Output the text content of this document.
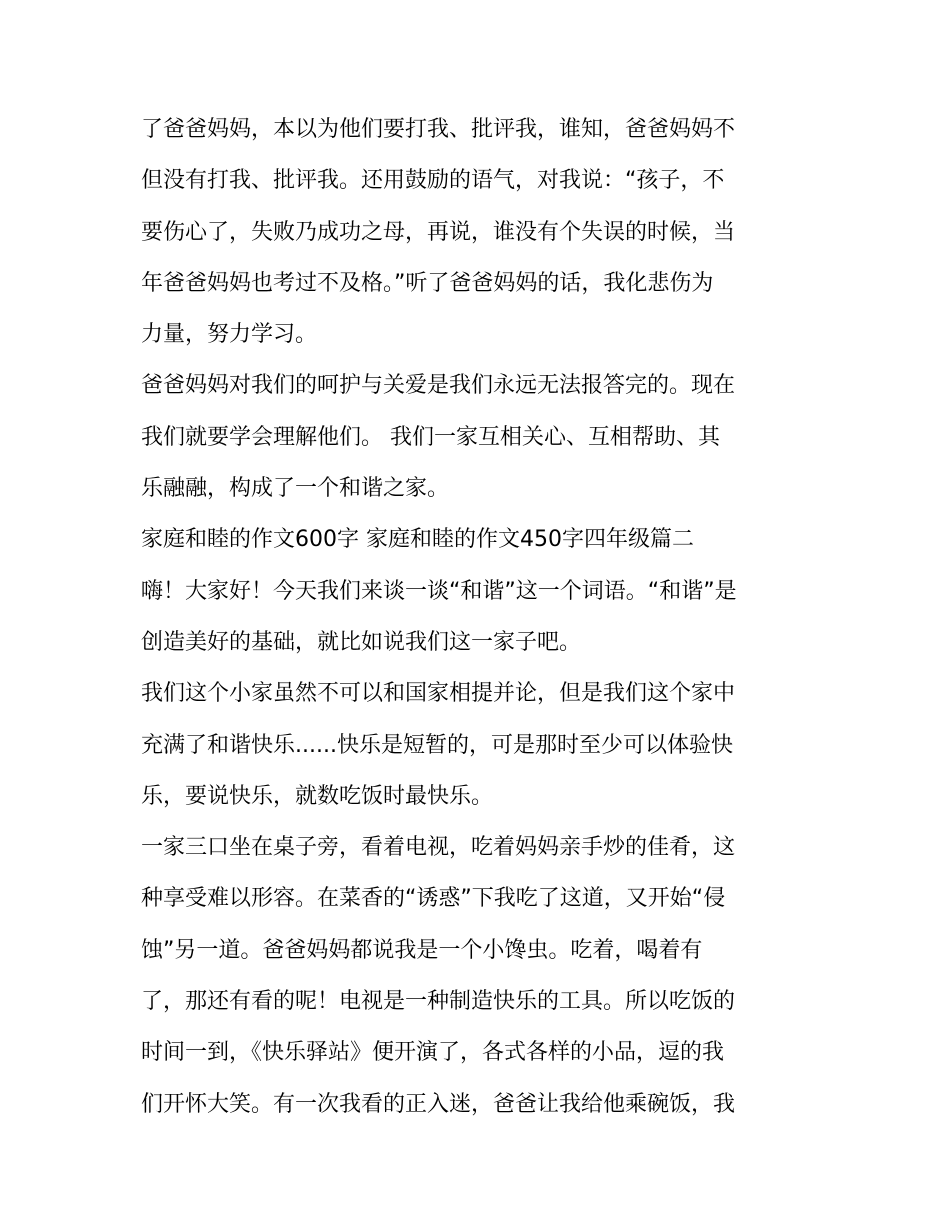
了爸爸妈妈，本以为他们要打我、批评我，谁知，爸爸妈妈不
但没有打我、批评我。还用鼓励的语气，对我说：“孩子，不
要伤心了，失败乃成功之母，再说，谁没有个失误的时候，当
年爸爸妈妈也考过不及格。”听了爸爸妈妈的话，我化悲伤为
力量，努力学习。
爸爸妈妈对我们的呵护与关爱是我们永远无法报答完的。现在
我们就要学会理解他们。 我们一家互相关心、互相帮助、其
乐融融，构成了一个和谐之家。
家庭和睦的作文600字 家庭和睦的作文450字四年级篇二
嗨！大家好！今天我们来谈一谈“和谐”这一个词语。“和谐”是
创造美好的基础，就比如说我们这一家子吧。
我们这个小家虽然不可以和国家相提并论，但是我们这个家中
充满了和谐快乐......快乐是短暂的，可是那时至少可以体验快
乐，要说快乐，就数吃饭时最快乐。
一家三口坐在桌子旁，看着电视，吃着妈妈亲手炒的佳肴，这
种享受难以形容。在菜香的“诱惑”下我吃了这道，又开始“侵
蚀”另一道。爸爸妈妈都说我是一个小馋虫。吃着，喝着有
了，那还有看的呢！电视是一种制造快乐的工具。所以吃饭的
时间一到，《快乐驿站》便开演了，各式各样的小品，逗的我
们开怀大笑。有一次我看的正入迷，爸爸让我给他乘碗饭，我
